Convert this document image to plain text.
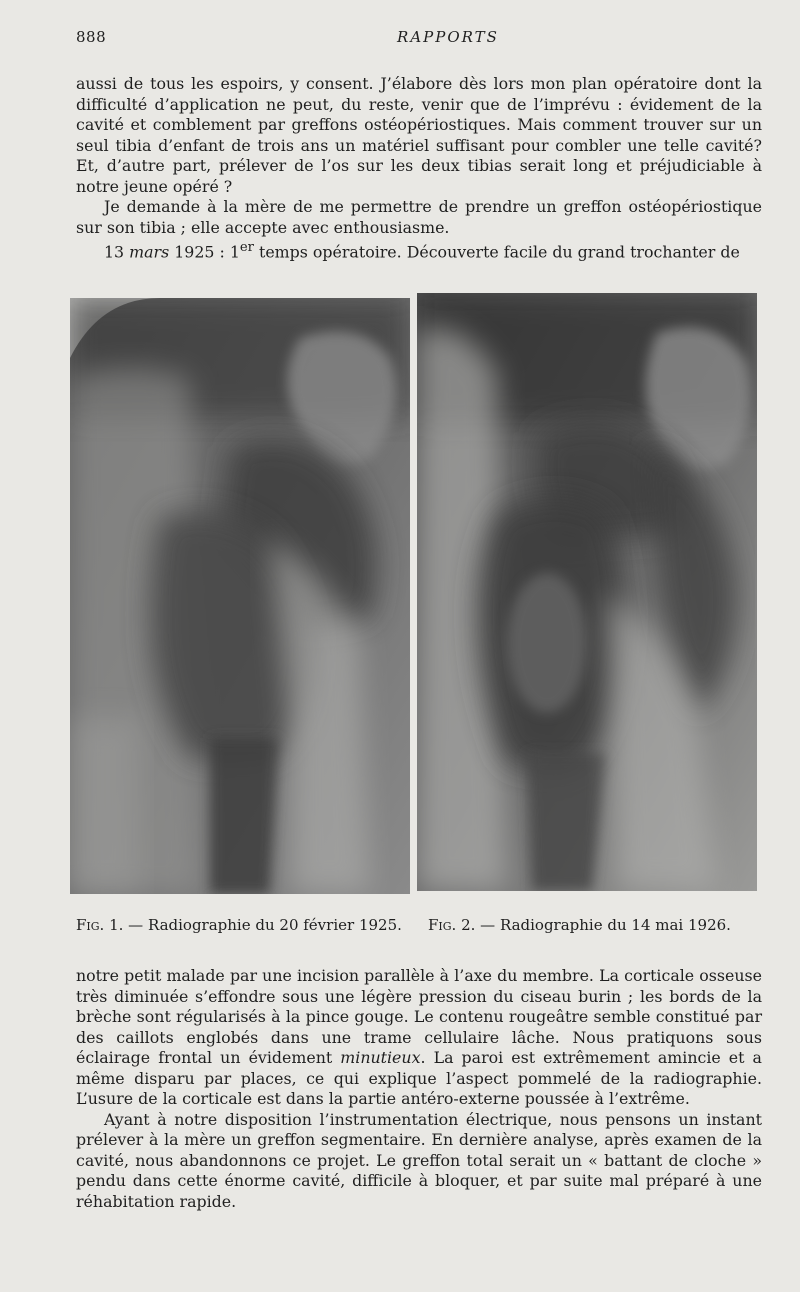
888	RAPPORTS

aussi de tous les espoirs, y consent. J’élabore dès lors mon plan opératoire dont la difficulté d’application ne peut, du reste, venir que de l’imprévu : évidement de la cavité et comblement par greffons ostéopériostiques. Mais comment trouver sur un seul tibia d’enfant de trois ans un matériel suffisant pour combler une telle cavité? Et, d’autre part, prélever de l’os sur les deux tibias serait long et préjudiciable à notre jeune opéré ?

Je demande à la mère de me permettre de prendre un greffon ostéopériostique sur son tibia ; elle accepte avec enthousiasme.

13 mars 1925 : 1er temps opératoire. Découverte facile du grand trochanter de

Fig. 1. — Radiographie du 20 février 1925. Fig. 2. — Radiographie du 14 mai 1926.

notre petit malade par une incision parallèle à l’axe du membre. La corticale osseuse très diminuée s’effondre sous une légère pression du ciseau burin ; les bords de la brèche sont régularisés à la pince gouge. Le contenu rougeâtre semble constitué par des caillots englobés dans une trame cellulaire lâche. Nous pratiquons sous éclairage frontal un évidement minutieux. La paroi est extrêmement amincie et a même disparu par places, ce qui explique l’aspect pommelé de la radiographie. L’usure de la corticale est dans la partie antéro-externe poussée à l’extrême.

Ayant à notre disposition l’instrumentation électrique, nous pensons un instant prélever à la mère un greffon segmentaire. En dernière analyse, après examen de la cavité, nous abandonnons ce projet. Le greffon total serait un « battant de cloche » pendu dans cette énorme cavité, difficile à bloquer, et par suite mal préparé à une réhabitation rapide.
